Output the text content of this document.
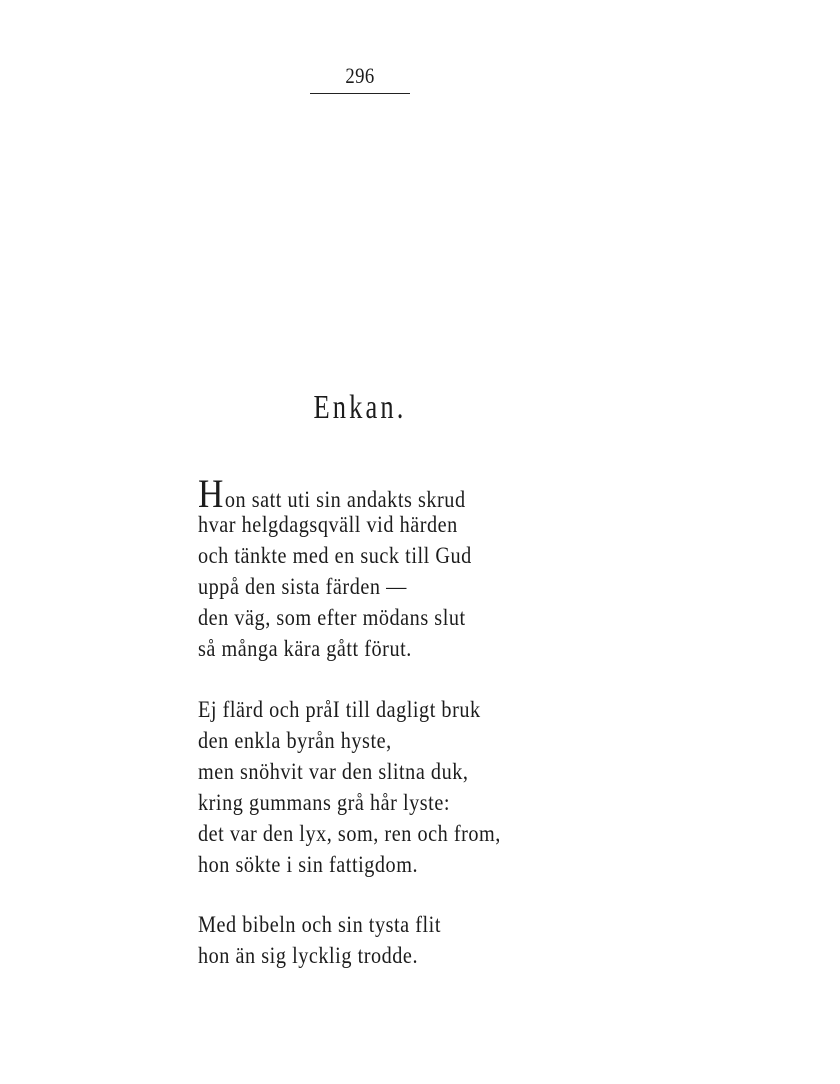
296
Enkan.
Hon satt uti sin andakts skrud
hvar helgdagsqväll vid härden
och tänkte med en suck till Gud
uppå den sista färden —
den väg, som efter mödans slut
så många kära gått förut.
Ej flärd och pråI till dagligt bruk
den enkla byrån hyste,
men snöhvit var den slitna duk,
kring gummans grå hår lyste:
det var den lyx, som, ren och from,
hon sökte i sin fattigdom.
Med bibeln och sin tysta flit
hon än sig lycklig trodde.
